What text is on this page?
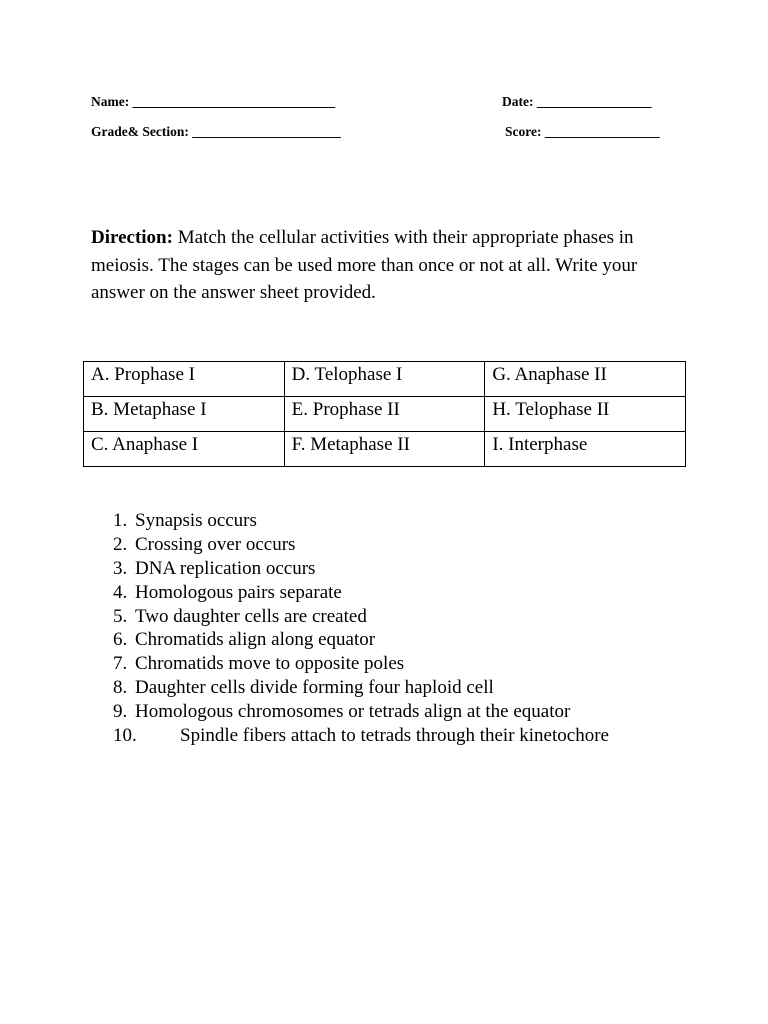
Name: ______________________________	Date: _________________
Grade& Section: ______________________	Score: _________________

Direction: Match the cellular activities with their appropriate phases in meiosis. The stages can be used more than once or not at all. Write your answer on the answer sheet provided.

A. Prophase I	D. Telophase I	G. Anaphase II
B. Metaphase I	E. Prophase II	H. Telophase II
C. Anaphase I	F. Metaphase II	I. Interphase
1. Synapsis occurs
2. Crossing over occurs
3. DNA replication occurs
4. Homologous pairs separate
5. Two daughter cells are created
6. Chromatids align along equator
7. Chromatids move to opposite poles
8. Daughter cells divide forming four haploid cell
9. Homologous chromosomes or tetrads align at the equator
10. Spindle fibers attach to tetrads through their kinetochore
